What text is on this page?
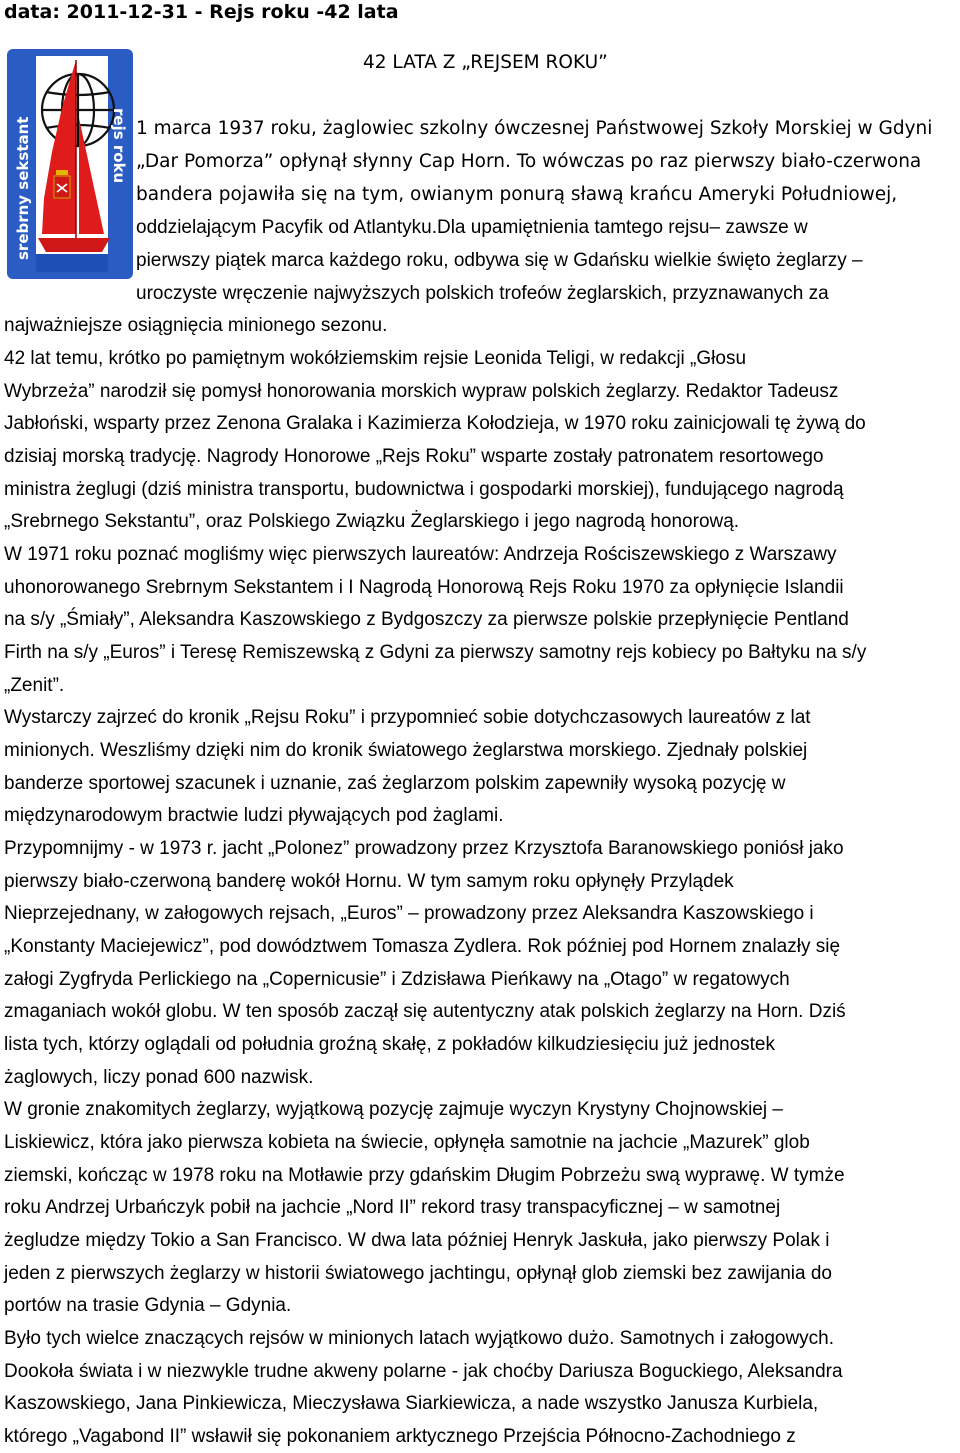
data: 2011-12-31 - Rejs roku -42 lata
42 LATA Z „REJSEM ROKU”
srebrny sekstant	rejs roku 1 marca 1937 roku, żaglowiec szkolny ówczesnej Państwowej Szkoły Morskiej w Gdyni
„Dar Pomorza” opłynął słynny Cap Horn. To wówczas po raz pierwszy biało-czerwona
bandera pojawiła się na tym, owianym ponurą sławą krańcu Ameryki Południowej,
oddzielającym Pacyfik od Atlantyku.Dla upamiętnienia tamtego rejsu– zawsze w
pierwszy piątek marca każdego roku, odbywa się w Gdańsku wielkie święto żeglarzy –
uroczyste wręczenie najwyższych polskich trofeów żeglarskich, przyznawanych za
najważniejsze osiągnięcia minionego sezonu.
42 lat temu, krótko po pamiętnym wokółziemskim rejsie Leonida Teligi, w redakcji „Głosu
Wybrzeża” narodził się pomysł honorowania morskich wypraw polskich żeglarzy. Redaktor Tadeusz
Jabłoński, wsparty przez Zenona Gralaka i Kazimierza Kołodzieja, w 1970 roku zainicjowali tę żywą do
dzisiaj morską tradycję. Nagrody Honorowe „Rejs Roku” wsparte zostały patronatem resortowego
ministra żeglugi (dziś ministra transportu, budownictwa i gospodarki morskiej), fundującego nagrodą
„Srebrnego Sekstantu”, oraz Polskiego Związku Żeglarskiego i jego nagrodą honorową.
W 1971 roku poznać mogliśmy więc pierwszych laureatów: Andrzeja Rościszewskiego z Warszawy
uhonorowanego Srebrnym Sekstantem i I Nagrodą Honorową Rejs Roku 1970 za opłynięcie Islandii
na s/y „Śmiały”, Aleksandra Kaszowskiego z Bydgoszczy za pierwsze polskie przepłynięcie Pentland
Firth na s/y „Euros” i Teresę Remiszewską z Gdyni za pierwszy samotny rejs kobiecy po Bałtyku na s/y
„Zenit”.
Wystarczy zajrzeć do kronik „Rejsu Roku” i przypomnieć sobie dotychczasowych laureatów z lat
minionych. Weszliśmy dzięki nim do kronik światowego żeglarstwa morskiego. Zjednały polskiej
banderze sportowej szacunek i uznanie, zaś żeglarzom polskim zapewniły wysoką pozycję w
międzynarodowym bractwie ludzi pływających pod żaglami.
Przypomnijmy - w 1973 r. jacht „Polonez” prowadzony przez Krzysztofa Baranowskiego poniósł jako
pierwszy biało-czerwoną banderę wokół Hornu. W tym samym roku opłynęły Przylądek
Nieprzejednany, w załogowych rejsach, „Euros” – prowadzony przez Aleksandra Kaszowskiego i
„Konstanty Maciejewicz”, pod dowództwem Tomasza Zydlera. Rok później pod Hornem znalazły się
załogi Zygfryda Perlickiego na „Copernicusie” i Zdzisława Pieńkawy na „Otago” w regatowych
zmaganiach wokół globu. W ten sposób zaczął się autentyczny atak polskich żeglarzy na Horn. Dziś
lista tych, którzy oglądali od południa groźną skałę, z pokładów kilkudziesięciu już jednostek
żaglowych, liczy ponad 600 nazwisk.
W gronie znakomitych żeglarzy, wyjątkową pozycję zajmuje wyczyn Krystyny Chojnowskiej –
Liskiewicz, która jako pierwsza kobieta na świecie, opłynęła samotnie na jachcie „Mazurek” glob
ziemski, kończąc w 1978 roku na Motławie przy gdańskim Długim Pobrzeżu swą wyprawę. W tymże
roku Andrzej Urbańczyk pobił na jachcie „Nord II” rekord trasy transpacyficznej – w samotnej
żegludze między Tokio a San Francisco. W dwa lata później Henryk Jaskuła, jako pierwszy Polak i
jeden z pierwszych żeglarzy w historii światowego jachtingu, opłynął glob ziemski bez zawijania do
portów na trasie Gdynia – Gdynia.
Było tych wielce znaczących rejsów w minionych latach wyjątkowo dużo. Samotnych i załogowych.
Dookoła świata i w niezwykle trudne akweny polarne - jak choćby Dariusza Boguckiego, Aleksandra
Kaszowskiego, Jana Pinkiewicza, Mieczysława Siarkiewicza, a nade wszystko Janusza Kurbiela,
którego „Vagabond II” wsławił się pokonaniem arktycznego Przejścia Północno-Zachodniego z
